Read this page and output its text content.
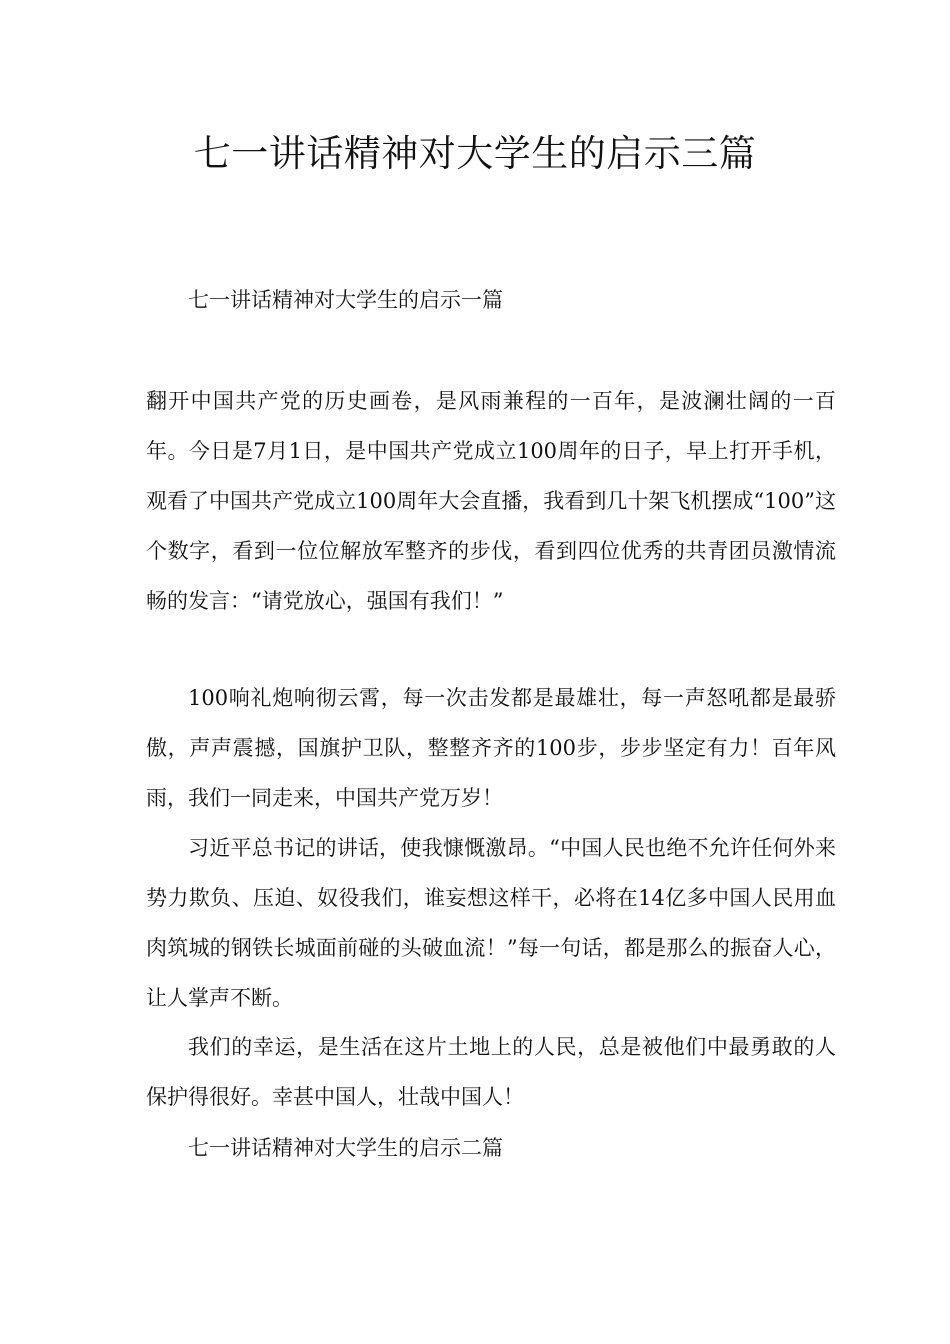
七一讲话精神对大学生的启示三篇

七一讲话精神对大学生的启示一篇

翻开中国共产党的历史画卷，是风雨兼程的一百年，是波澜壮阔的一百年。今日是7月1日，是中国共产党成立100周年的日子，早上打开手机，观看了中国共产党成立100周年大会直播，我看到几十架飞机摆成“100”这个数字，看到一位位解放军整齐的步伐，看到四位优秀的共青团员激情流畅的发言：“请党放心，强国有我们！”

100响礼炮响彻云霄，每一次击发都是最雄壮，每一声怒吼都是最骄傲，声声震撼，国旗护卫队，整整齐齐的100步，步步坚定有力！百年风雨，我们一同走来，中国共产党万岁！

习近平总书记的讲话，使我慷慨激昂。“中国人民也绝不允许任何外来势力欺负、压迫、奴役我们，谁妄想这样干，必将在14亿多中国人民用血肉筑城的钢铁长城面前碰的头破血流！”每一句话，都是那么的振奋人心，让人掌声不断。

我们的幸运，是生活在这片土地上的人民，总是被他们中最勇敢的人保护得很好。幸甚中国人，壮哉中国人！

七一讲话精神对大学生的启示二篇
